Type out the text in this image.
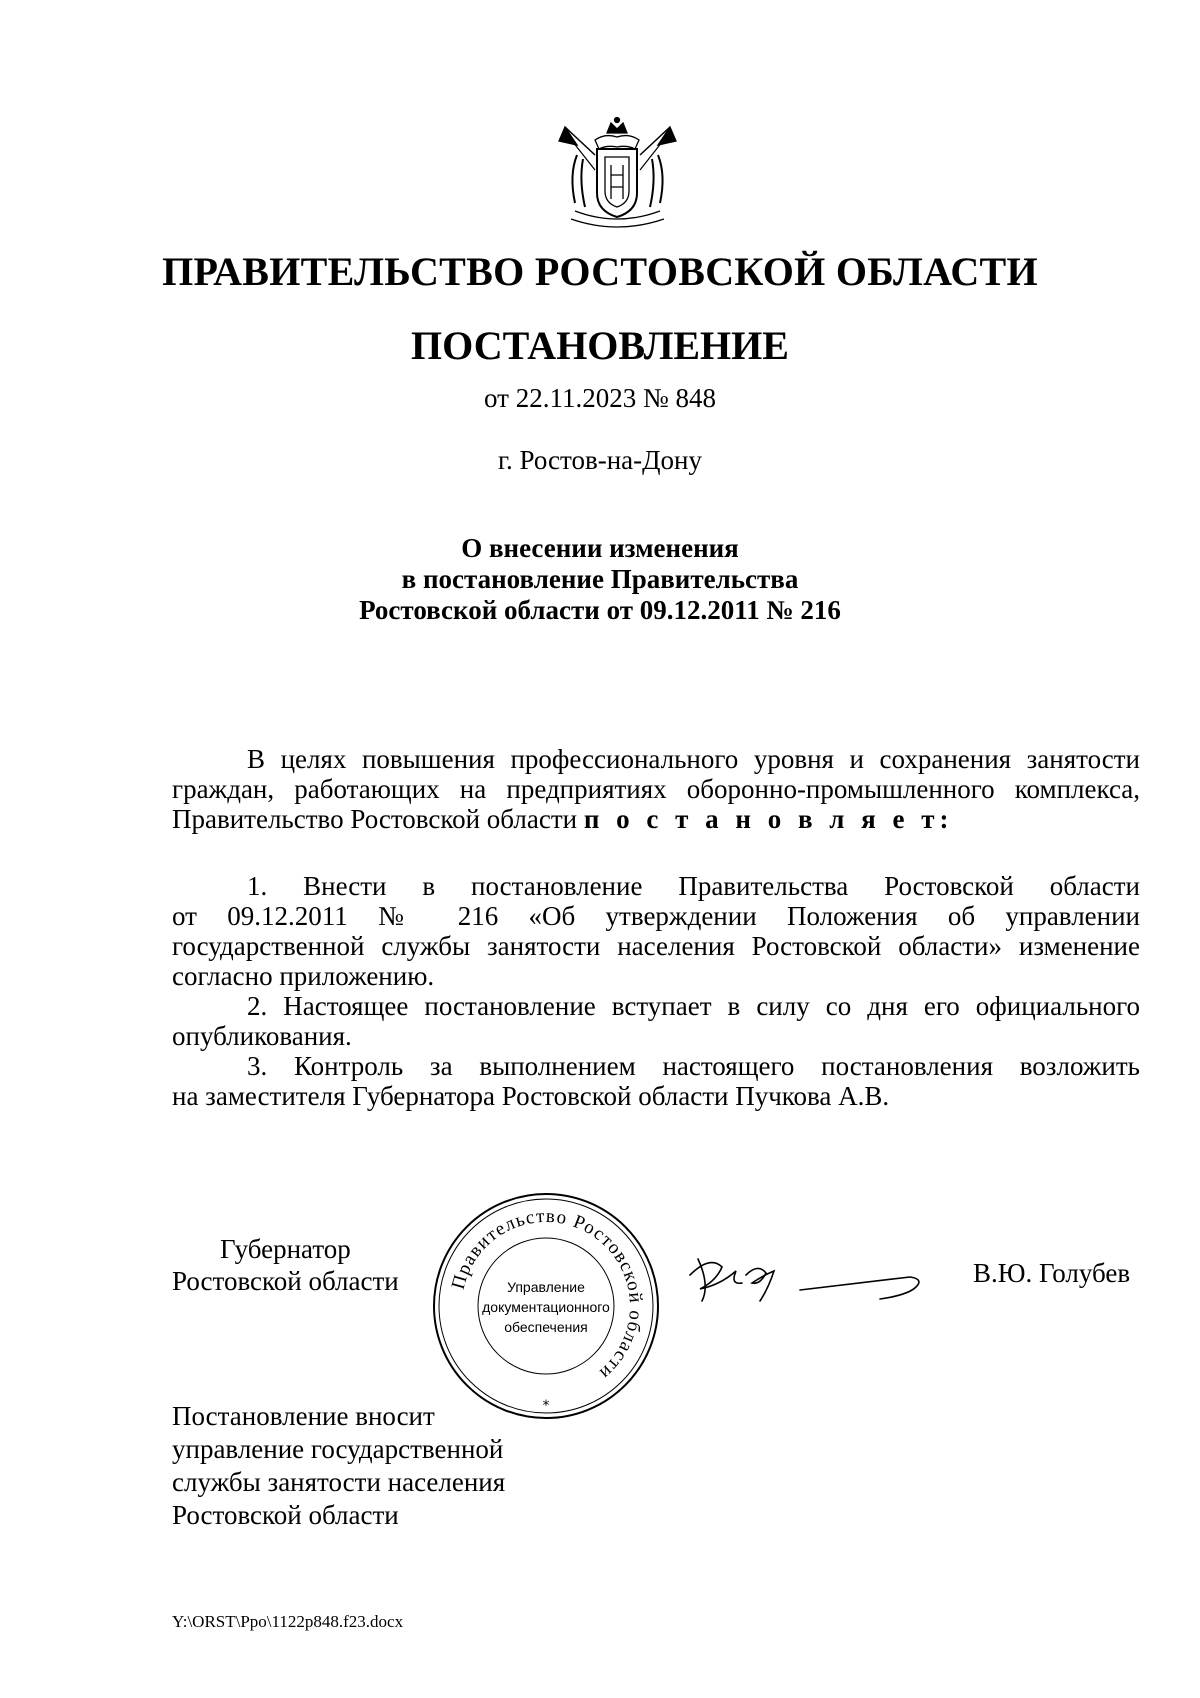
ПРАВИТЕЛЬСТВО РОСТОВСКОЙ ОБЛАСТИ
ПОСТАНОВЛЕНИЕ
от 22.11.2023 № 848
г. Ростов-на-Дону
О внесении изменения
в постановление Правительства
Ростовской области от 09.12.2011 № 216

В целях повышения профессионального уровня и сохранения занятости граждан, работающих на предприятиях оборонно-промышленного комплекса, Правительство Ростовской области п о с т а н о в л я е т:

1. Внести в постановление Правительства Ростовской области
от 09.12.2011 № 216 «Об утверждении Положения об управлении
государственной службы занятости населения Ростовской области» изменение
согласно приложению.
2. Настоящее постановление вступает в силу со дня его официального
опубликования.
3. Контроль за выполнением настоящего постановления возложить
на заместителя Губернатора Ростовской области Пучкова А.В.
Губернатор
Ростовской области	Правительство Ростовской области
*
Управление
документационного
обеспечения
В.Ю. Голубев
Постановление вносит
управление государственной
службы занятости населения
Ростовской области
Y:\ORST\Ppo\1122p848.f23.docx
